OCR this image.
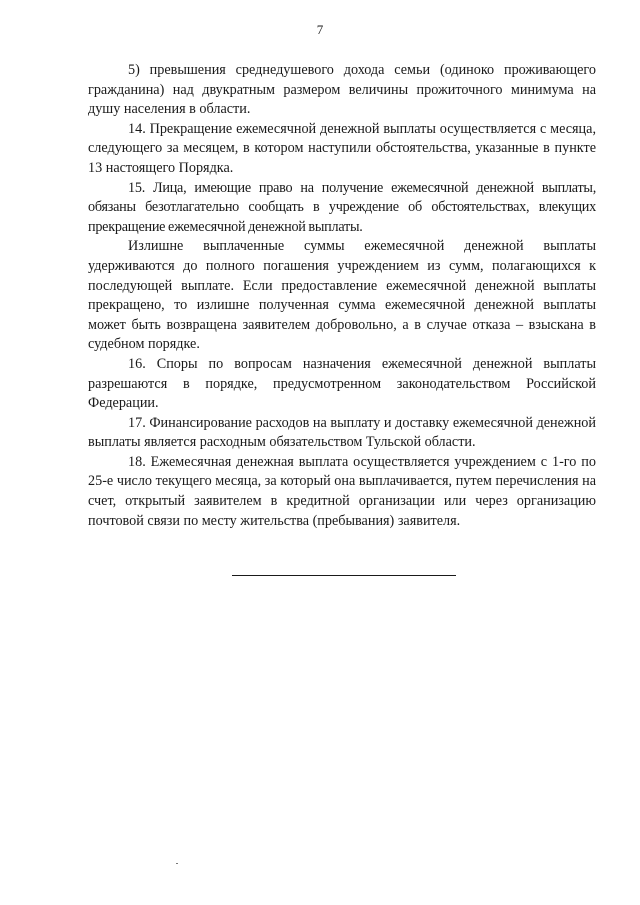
7

5) превышения среднедушевого дохода семьи (одиноко проживающего гражданина) над двукратным размером величины прожиточного минимума на душу населения в области.

14. Прекращение ежемесячной денежной выплаты осуществляется с месяца, следующего за месяцем, в котором наступили обстоятельства, указанные в пункте 13 настоящего Порядка.

15. Лица, имеющие право на получение ежемесячной денежной выплаты, обязаны безотлагательно сообщать в учреждение об обстоятельствах, влекущих прекращение ежемесячной денежной выплаты.

Излишне выплаченные суммы ежемесячной денежной выплаты удерживаются до полного погашения учреждением из сумм, полагающихся к последующей выплате. Если предоставление ежемесячной денежной выплаты прекращено, то излишне полученная сумма ежемесячной денежной выплаты может быть возвращена заявителем добровольно, а в случае отказа – взыскана в судебном порядке.

16. Споры по вопросам назначения ежемесячной денежной выплаты разрешаются в порядке, предусмотренном законодательством Российской Федерации.

17. Финансирование расходов на выплату и доставку ежемесячной денежной выплаты является расходным обязательством Тульской области.

18. Ежемесячная денежная выплата осуществляется учреждением с 1-го по 25-е число текущего месяца, за который она выплачивается, путем перечисления на счет, открытый заявителем в кредитной организации или через организацию почтовой связи по месту жительства (пребывания) заявителя.
